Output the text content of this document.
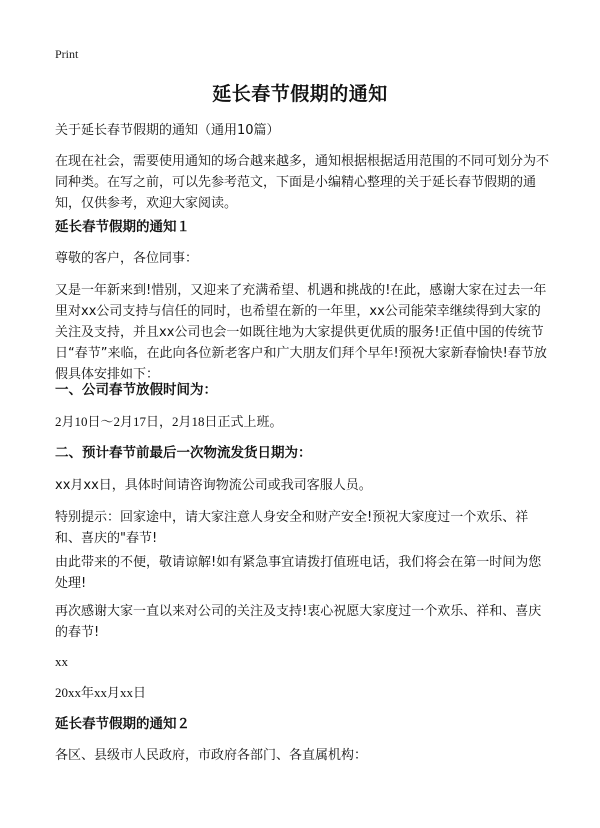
Print
延长春节假期的通知

关于延长春节假期的通知（通用10篇）

在现在社会，需要使用通知的场合越来越多，通知根据根据适用范围的不同可划分为不同种类。在写之前，可以先参考范文，下面是小编精心整理的关于延长春节假期的通知，仅供参考，欢迎大家阅读。

延长春节假期的通知１

尊敬的客户，各位同事：

又是一年新来到!惜别，又迎来了充满希望、机遇和挑战的!在此，感谢大家在过去一年里对xx公司支持与信任的同时，也希望在新的一年里，xx公司能荣幸继续得到大家的关注及支持，并且xx公司也会一如既往地为大家提供更优质的服务!正值中国的传统节日“春节”来临，在此向各位新老客户和广大朋友们拜个早年!预祝大家新春愉快!春节放假具体安排如下：

一、公司春节放假时间为：

2月10日～2月17日，2月18日正式上班。

二、预计春节前最后一次物流发货日期为：

xx月xx日，具体时间请咨询物流公司或我司客服人员。

特别提示：回家途中，请大家注意人身安全和财产安全!预祝大家度过一个欢乐、祥和、喜庆的"春节!

由此带来的不便，敬请谅解!如有紧急事宜请拨打值班电话，我们将会在第一时间为您处理!

再次感谢大家一直以来对公司的关注及支持!衷心祝愿大家度过一个欢乐、祥和、喜庆的春节!

xx

20xx年xx月xx日

延长春节假期的通知２

各区、县级市人民政府，市政府各部门、各直属机构：
